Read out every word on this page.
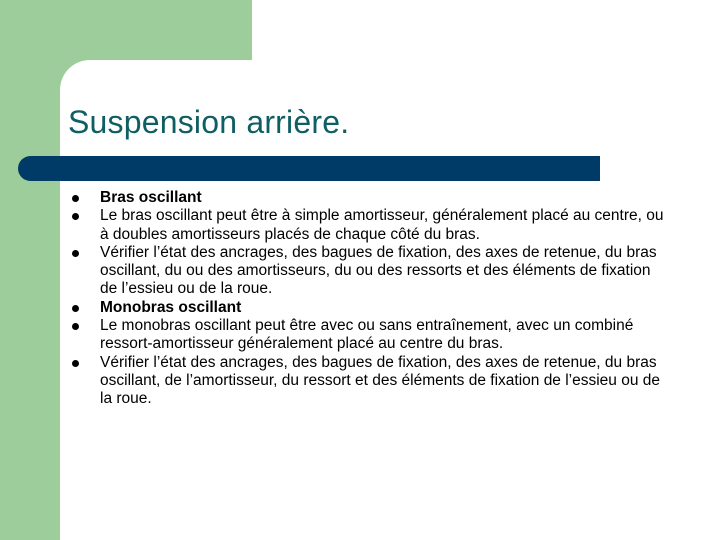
Suspension arrière.
Bras oscillant
Le bras oscillant peut être à simple amortisseur, généralement placé au centre, ou à doubles amortisseurs placés de chaque côté du bras.
Vérifier l’état des ancrages, des bagues de fixation, des axes de retenue, du bras oscillant, du ou des amortisseurs, du ou des ressorts et des éléments de fixation de l’essieu ou de la roue.
Monobras oscillant
Le monobras oscillant peut être avec ou sans entraînement, avec un combiné ressort-amortisseur généralement placé au centre du bras.
Vérifier l’état des ancrages, des bagues de fixation, des axes de retenue, du bras oscillant, de l’amortisseur, du ressort et des éléments de fixation de l’essieu ou de la roue.
